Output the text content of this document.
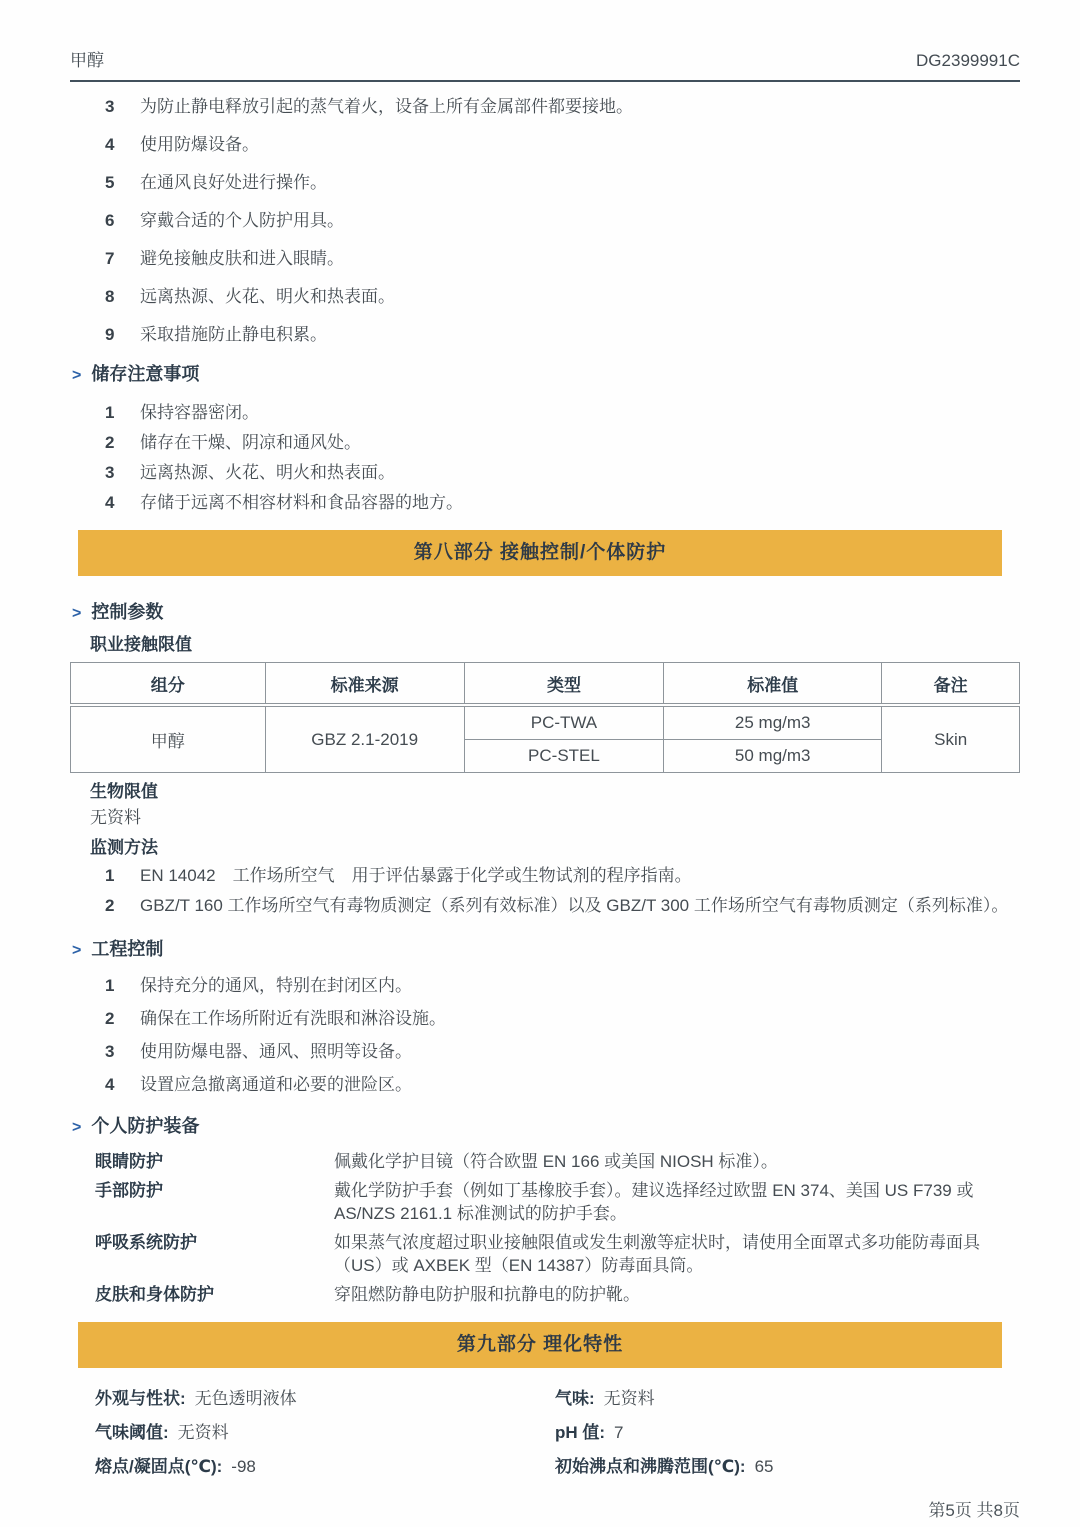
甲醇	DG2399991C
3	为防止静电释放引起的蒸气着火，设备上所有金属部件都要接地。
4	使用防爆设备。
5	在通风良好处进行操作。
6	穿戴合适的个人防护用具。
7	避免接触皮肤和进入眼睛。
8	远离热源、火花、明火和热表面。
9	采取措施防止静电积累。
> 储存注意事项
1	保持容器密闭。
2	储存在干燥、阴凉和通风处。
3	远离热源、火花、明火和热表面。
4	存储于远离不相容材料和食品容器的地方。
第八部分 接触控制/个体防护
> 控制参数
职业接触限值
组分	标准来源	类型	标准值	备注
甲醇	GBZ 2.1-2019	PC-TWA	25 mg/m3	Skin
		PC-STEL	50 mg/m3	
生物限值
无资料
监测方法
1	EN 14042　工作场所空气　用于评估暴露于化学或生物试剂的程序指南。
2	GBZ/T 160 工作场所空气有毒物质测定（系列有效标准）以及 GBZ/T 300 工作场所空气有毒物质测定（系列标准）。
> 工程控制
1	保持充分的通风，特别在封闭区内。
2	确保在工作场所附近有洗眼和淋浴设施。
3	使用防爆电器、通风、照明等设备。
4	设置应急撤离通道和必要的泄险区。
> 个人防护装备
眼睛防护	佩戴化学护目镜（符合欧盟 EN 166 或美国 NIOSH 标准）。
手部防护	戴化学防护手套（例如丁基橡胶手套）。建议选择经过欧盟 EN 374、美国 US F739 或 AS/NZS 2161.1 标准测试的防护手套。
呼吸系统防护	如果蒸气浓度超过职业接触限值或发生刺激等症状时，请使用全面罩式多功能防毒面具（US）或 AXBEK 型（EN 14387）防毒面具筒。
皮肤和身体防护	穿阻燃防静电防护服和抗静电的防护靴。
第九部分 理化特性
外观与性状: 无色透明液体	气味: 无资料
气味阈值: 无资料	pH 值: 7
熔点/凝固点(℃): -98	初始沸点和沸腾范围(℃): 65
第5页 共8页
